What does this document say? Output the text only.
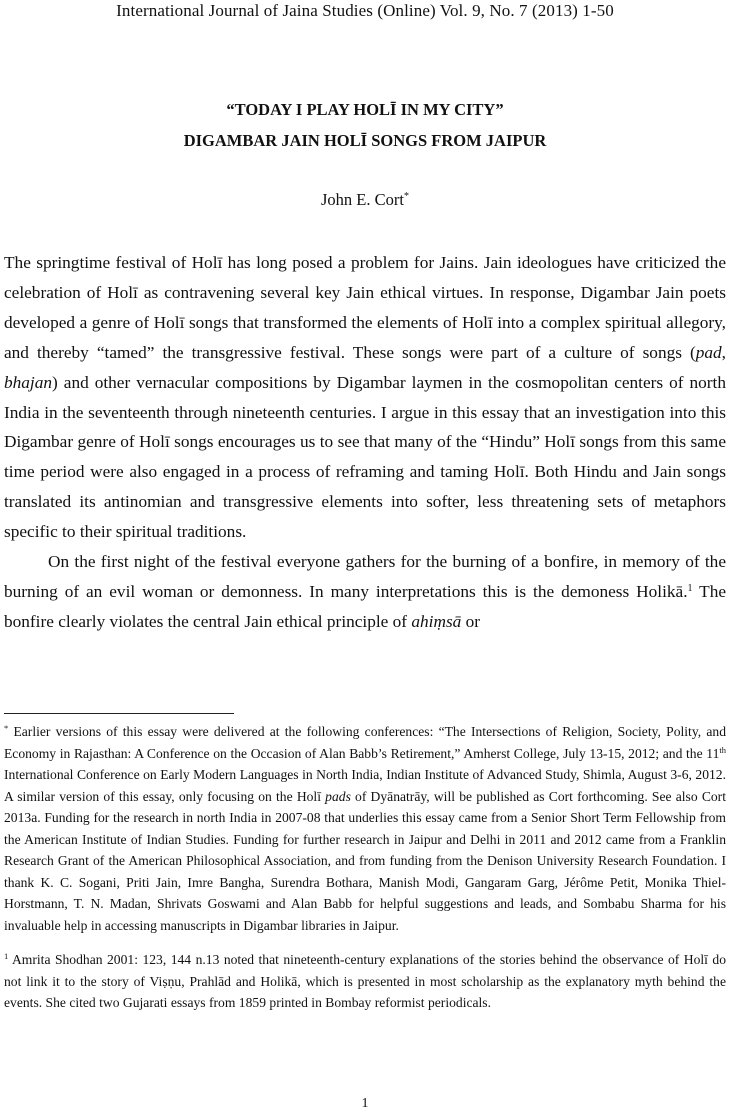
International Journal of Jaina Studies (Online) Vol. 9, No. 7 (2013) 1-50
“TODAY I PLAY HOLĪ IN MY CITY”
DIGAMBAR JAIN HOLĪ SONGS FROM JAIPUR
John E. Cort*

The springtime festival of Holī has long posed a problem for Jains. Jain ideologues have criticized the celebration of Holī as contravening several key Jain ethical virtues. In response, Digambar Jain poets developed a genre of Holī songs that transformed the elements of Holī into a complex spiritual allegory, and thereby “tamed” the transgressive festival. These songs were part of a culture of songs (pad, bhajan) and other vernacular compositions by Digambar laymen in the cosmopolitan centers of north India in the seventeenth through nineteenth centuries. I argue in this essay that an investigation into this Digambar genre of Holī songs encourages us to see that many of the “Hindu” Holī songs from this same time period were also engaged in a process of reframing and taming Holī. Both Hindu and Jain songs translated its antinomian and transgressive elements into softer, less threatening sets of metaphors specific to their spiritual traditions.

On the first night of the festival everyone gathers for the burning of a bonfire, in memory of the burning of an evil woman or demonness. In many interpretations this is the demoness Holikā.$^1$ The bonfire clearly violates the central Jain ethical principle of ahiṃsā or

* Earlier versions of this essay were delivered at the following conferences: “The Intersections of Religion, Society, Polity, and Economy in Rajasthan: A Conference on the Occasion of Alan Babb’s Retirement,” Amherst College, July 13-15, 2012; and the 11th International Conference on Early Modern Languages in North India, Indian Institute of Advanced Study, Shimla, August 3-6, 2012. A similar version of this essay, only focusing on the Holī pads of Dyānatrāy, will be published as Cort forthcoming. See also Cort 2013a. Funding for the research in north India in 2007-08 that underlies this essay came from a Senior Short Term Fellowship from the American Institute of Indian Studies. Funding for further research in Jaipur and Delhi in 2011 and 2012 came from a Franklin Research Grant of the American Philosophical Association, and from funding from the Denison University Research Foundation. I thank K. C. Sogani, Priti Jain, Imre Bangha, Surendra Bothara, Manish Modi, Gangaram Garg, Jérôme Petit, Monika Thiel-Horstmann, T. N. Madan, Shrivats Goswami and Alan Babb for helpful suggestions and leads, and Sombabu Sharma for his invaluable help in accessing manuscripts in Digambar libraries in Jaipur.

$^1$ Amrita Shodhan 2001: 123, 144 n.13 noted that nineteenth-century explanations of the stories behind the observance of Holī do not link it to the story of Viṣṇu, Prahlād and Holikā, which is presented in most scholarship as the explanatory myth behind the events. She cited two Gujarati essays from 1859 printed in Bombay reformist periodicals.

1
